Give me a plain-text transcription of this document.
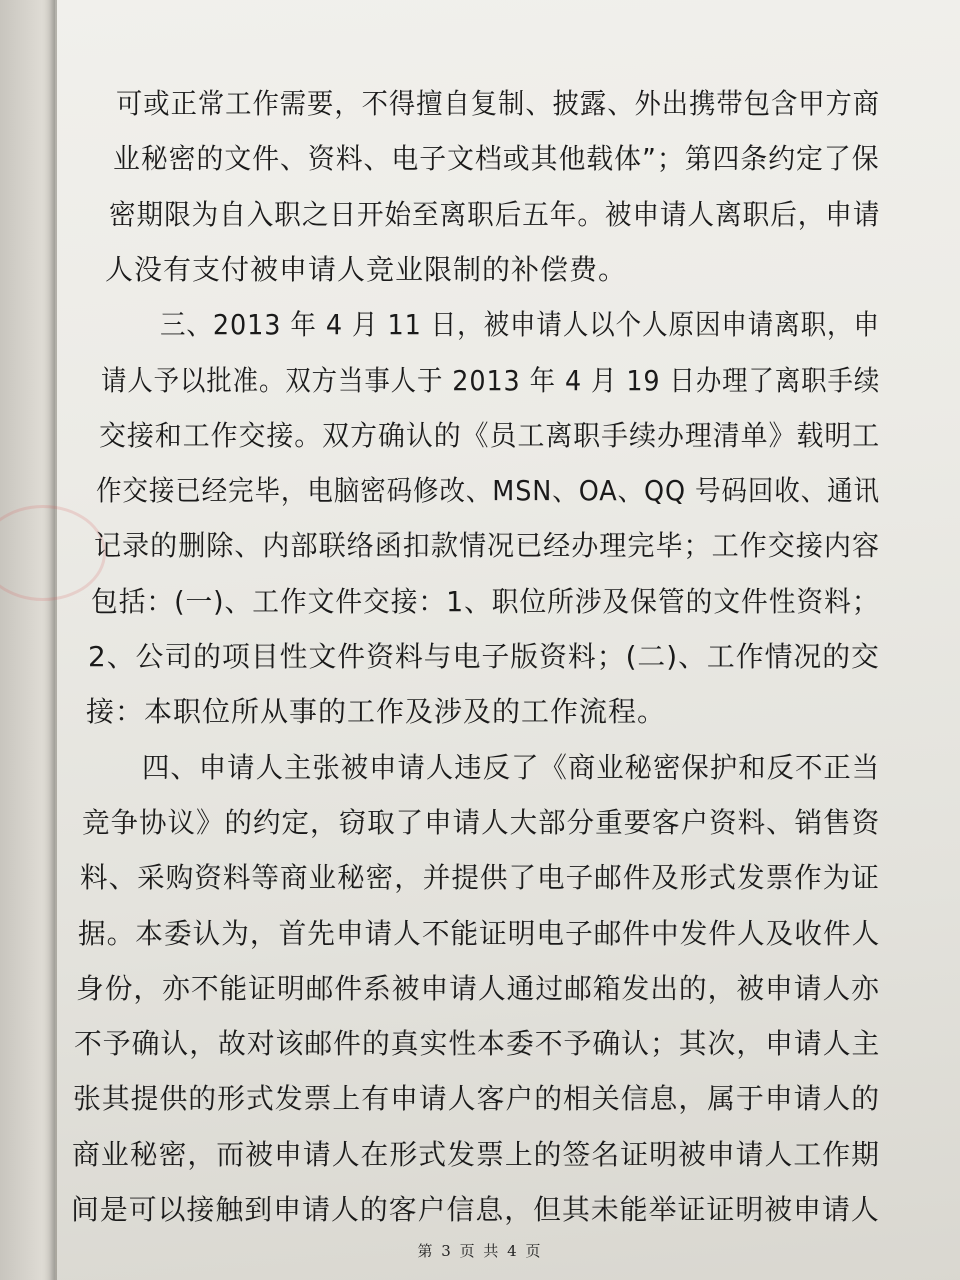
可或正常工作需要，不得擅自复制、披露、外出携带包含甲方商

业秘密的文件、资料、电子文档或其他载体”；第四条约定了保

密期限为自入职之日开始至离职后五年。被申请人离职后，申请

人没有支付被申请人竞业限制的补偿费。

三、2013 年 4 月 11 日，被申请人以个人原因申请离职，申

请人予以批准。双方当事人于 2013 年 4 月 19 日办理了离职手续

交接和工作交接。双方确认的《员工离职手续办理清单》载明工

作交接已经完毕，电脑密码修改、MSN、OA、QQ 号码回收、通讯

记录的删除、内部联络函扣款情况已经办理完毕；工作交接内容

包括：(一)、工作文件交接：1、职位所涉及保管的文件性资料；

2、公司的项目性文件资料与电子版资料；(二)、工作情况的交

接：本职位所从事的工作及涉及的工作流程。

四、申请人主张被申请人违反了《商业秘密保护和反不正当

竞争协议》的约定，窃取了申请人大部分重要客户资料、销售资

料、采购资料等商业秘密，并提供了电子邮件及形式发票作为证

据。本委认为，首先申请人不能证明电子邮件中发件人及收件人

身份，亦不能证明邮件系被申请人通过邮箱发出的，被申请人亦

不予确认，故对该邮件的真实性本委不予确认；其次，申请人主

张其提供的形式发票上有申请人客户的相关信息，属于申请人的

商业秘密，而被申请人在形式发票上的签名证明被申请人工作期

间是可以接触到申请人的客户信息，但其未能举证证明被申请人

第 3 页 共 4 页
